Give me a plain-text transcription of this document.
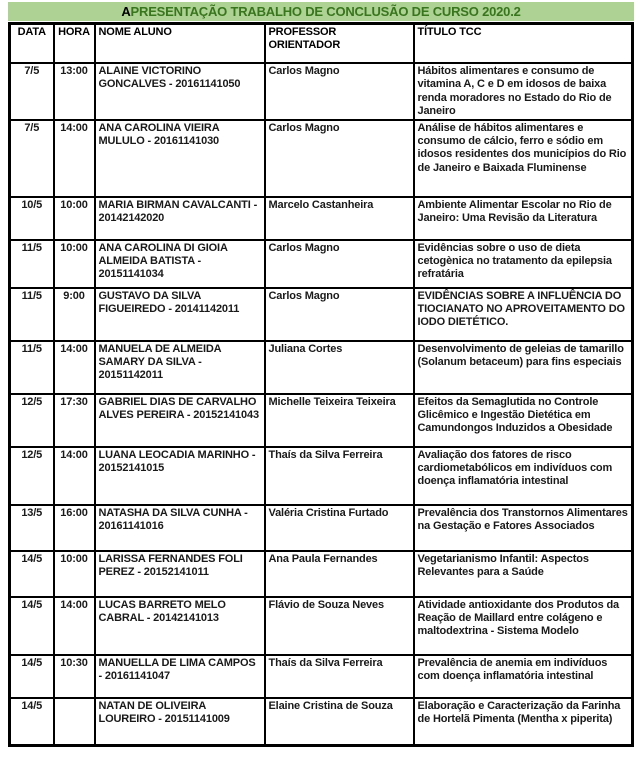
APRESENTAÇÃO TRABALHO DE CONCLUSÃO DE CURSO 2020.2
DATA	HORA	NOME ALUNO	PROFESSOR ORIENTADOR	TÍTULO TCC
7/5	13:00	ALAINE VICTORINO GONCALVES - 20161141050	Carlos Magno	Hábitos alimentares e consumo de vitamina A, C e D em idosos de baixa renda moradores no Estado do Rio de Janeiro
7/5	14:00	ANA CAROLINA VIEIRA MULULO - 20161141030	Carlos Magno	Análise de hábitos alimentares e consumo de cálcio, ferro e sódio em idosos residentes dos municípios do Rio de Janeiro e Baixada Fluminense
10/5	10:00	MARIA BIRMAN CAVALCANTI - 20142142020	Marcelo Castanheira	Ambiente Alimentar Escolar no Rio de Janeiro: Uma Revisão da Literatura
11/5	10:00	ANA CAROLINA DI GIOIA ALMEIDA BATISTA - 20151141034	Carlos Magno	Evidências sobre o uso de dieta cetogènica no tratamento da epilepsia refratária
11/5	9:00	GUSTAVO DA SILVA FIGUEIREDO - 20141142011	Carlos Magno	EVIDÊNCIAS SOBRE A INFLUÊNCIA DO TIOCIANATO NO APROVEITAMENTO DO IODO DIETÉTICO.
11/5	14:00	MANUELA DE ALMEIDA SAMARY DA SILVA - 20151142011	Juliana Cortes	Desenvolvimento de geleias de tamarillo (Solanum betaceum) para fins especiais
12/5	17:30	GABRIEL DIAS DE CARVALHO ALVES PEREIRA - 20152141043	Michelle Teixeira Teixeira	Efeitos da Semaglutida no Controle Glicêmico e Ingestão Dietética em Camundongos Induzidos a Obesidade
12/5	14:00	LUANA LEOCADIA MARINHO - 20152141015	Thaís da Silva Ferreira	Avaliação dos fatores de risco cardiometabólicos em indivíduos com doença inflamatória intestinal
13/5	16:00	NATASHA DA SILVA CUNHA - 20161141016	Valéria Cristina Furtado	Prevalência dos Transtornos Alimentares na Gestação e Fatores Associados
14/5	10:00	LARISSA FERNANDES FOLI PEREZ - 20152141011	Ana Paula Fernandes	Vegetarianismo Infantil: Aspectos Relevantes para a Saúde
14/5	14:00	LUCAS BARRETO MELO CABRAL - 20142141013	Flávio de Souza Neves	Atividade antioxidante dos Produtos da Reação de Maillard entre colágeno e maltodextrina - Sistema Modelo
14/5	10:30	MANUELLA DE LIMA CAMPOS - 20161141047	Thaís da Silva Ferreira	Prevalência de anemia em indivíduos com doença inflamatória intestinal
14/5		NATAN DE OLIVEIRA LOUREIRO - 20151141009	Elaine Cristina de Souza	Elaboração e Caracterização da Farinha de Hortelã Pimenta (Mentha x piperita)
